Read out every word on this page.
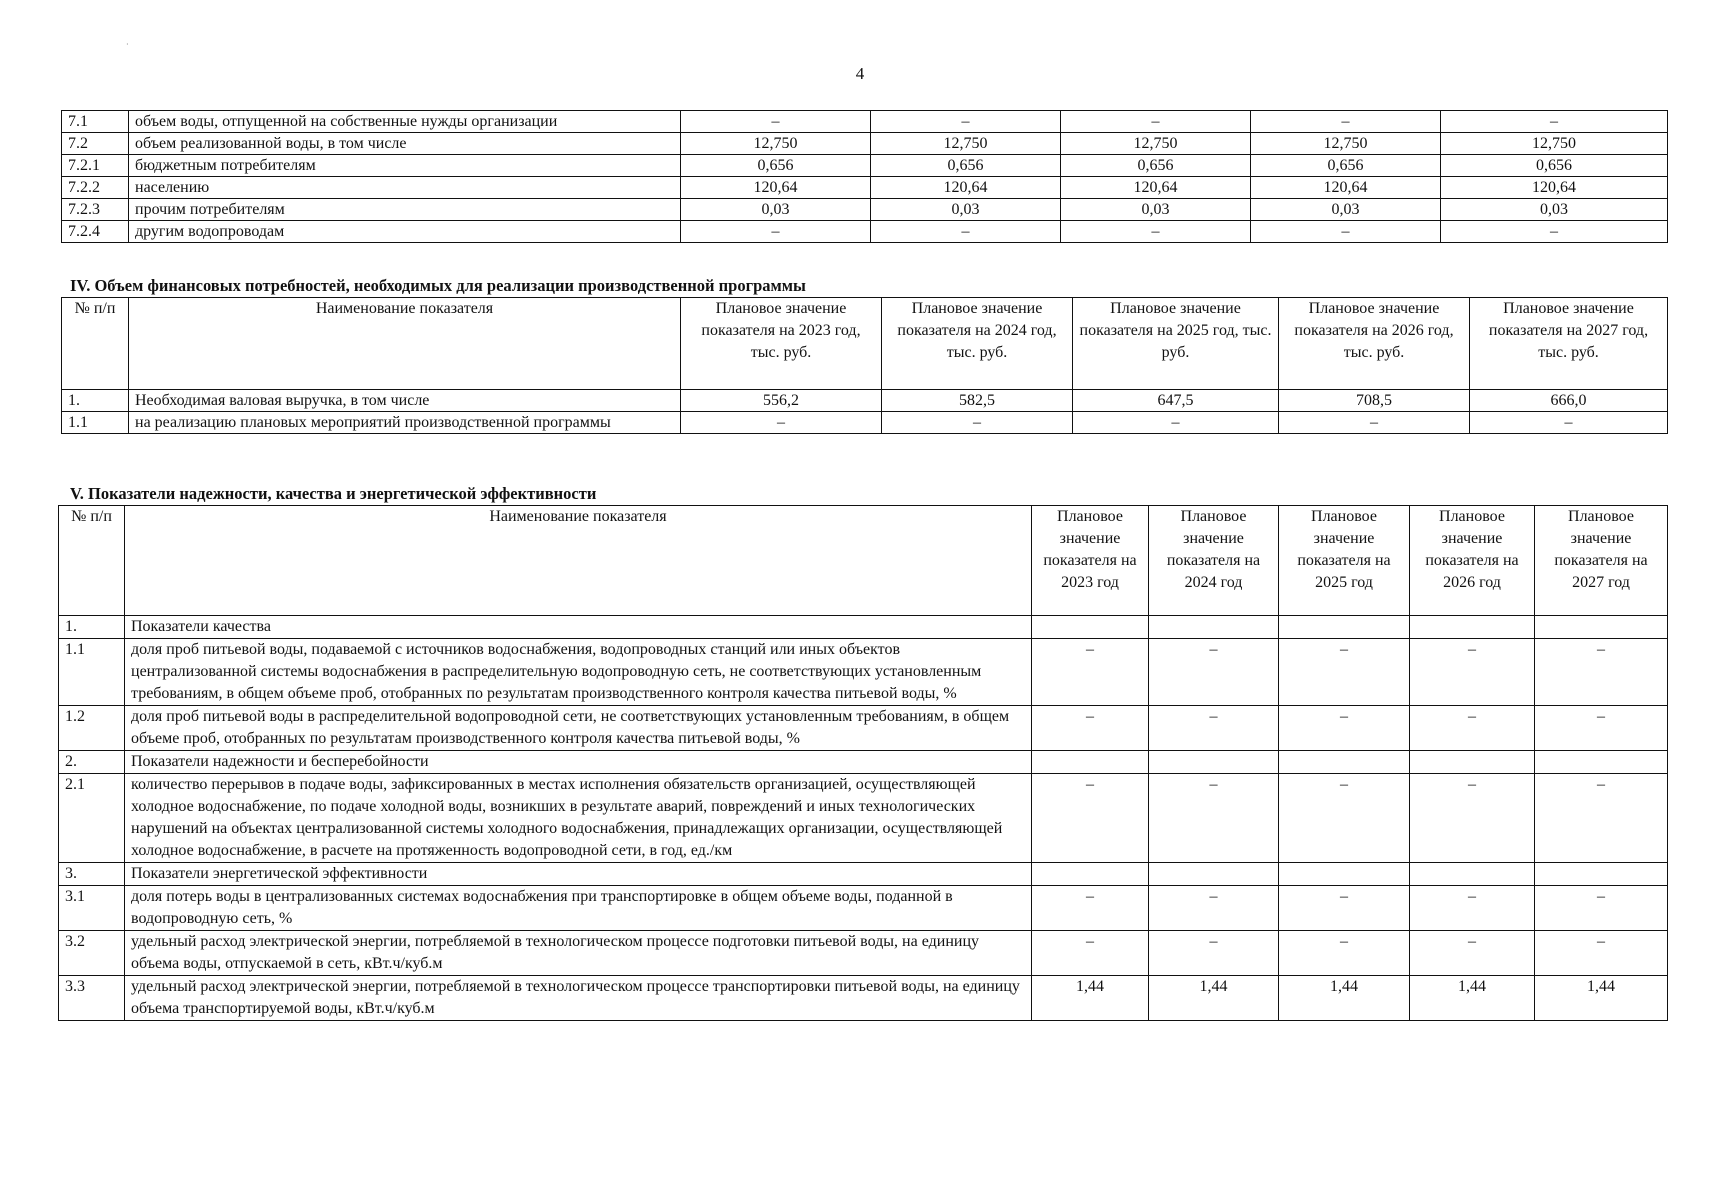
·
4
7.1	объем воды, отпущенной на собственные нужды организации	–	–	–	–	–
7.2	объем реализованной воды, в том числе	12,750	12,750	12,750	12,750	12,750
7.2.1	бюджетным потребителям	0,656	0,656	0,656	0,656	0,656
7.2.2	населению	120,64	120,64	120,64	120,64	120,64
7.2.3	прочим потребителям	0,03	0,03	0,03	0,03	0,03
7.2.4	другим водопроводам	–	–	–	–	–
IV. Объем финансовых потребностей, необходимых для реализации производственной программы
№ п/п	Наименование показателя	Плановое значение показателя на 2023 год, тыс. руб.	Плановое значение показателя на 2024 год, тыс. руб.	Плановое значение показателя на 2025 год, тыс. руб.	Плановое значение показателя на 2026 год, тыс. руб.	Плановое значение показателя на 2027 год, тыс. руб.
1.	Необходимая валовая выручка, в том числе	556,2	582,5	647,5	708,5	666,0
1.1	на реализацию плановых мероприятий производственной программы	–	–	–	–	–
V. Показатели надежности, качества и энергетической эффективности
№ п/п	Наименование показателя	Плановое значение показателя на 2023 год	Плановое значение показателя на 2024 год	Плановое значение показателя на 2025 год	Плановое значение показателя на 2026 год	Плановое значение показателя на 2027 год
1.	Показатели качества					
1.1	доля проб питьевой воды, подаваемой с источников водоснабжения, водопроводных станций или иных объектов централизованной системы водоснабжения в распределительную водопроводную сеть, не соответствующих установленным требованиям, в общем объеме проб, отобранных по результатам производственного контроля качества питьевой воды, %	–	–	–	–	–
1.2	доля проб питьевой воды в распределительной водопроводной сети, не соответствующих установленным требованиям, в общем объеме проб, отобранных по результатам производственного контроля качества питьевой воды, %	–	–	–	–	–
2.	Показатели надежности и бесперебойности					
2.1	количество перерывов в подаче воды, зафиксированных в местах исполнения обязательств организацией, осуществляющей холодное водоснабжение, по подаче холодной воды, возникших в результате аварий, повреждений и иных технологических нарушений на объектах централизованной системы холодного водоснабжения, принадлежащих организации, осуществляющей холодное водоснабжение, в расчете на протяженность водопроводной сети, в год, ед./км	–	–	–	–	–
3.	Показатели энергетической эффективности					
3.1	доля потерь воды в централизованных системах водоснабжения при транспортировке в общем объеме воды, поданной в водопроводную сеть, %	–	–	–	–	–
3.2	удельный расход электрической энергии, потребляемой в технологическом процессе подготовки питьевой воды, на единицу объема воды, отпускаемой в сеть, кВт.ч/куб.м	–	–	–	–	–
3.3	удельный расход электрической энергии, потребляемой в технологическом процессе транспортировки питьевой воды, на единицу объема транспортируемой воды, кВт.ч/куб.м	1,44	1,44	1,44	1,44	1,44
